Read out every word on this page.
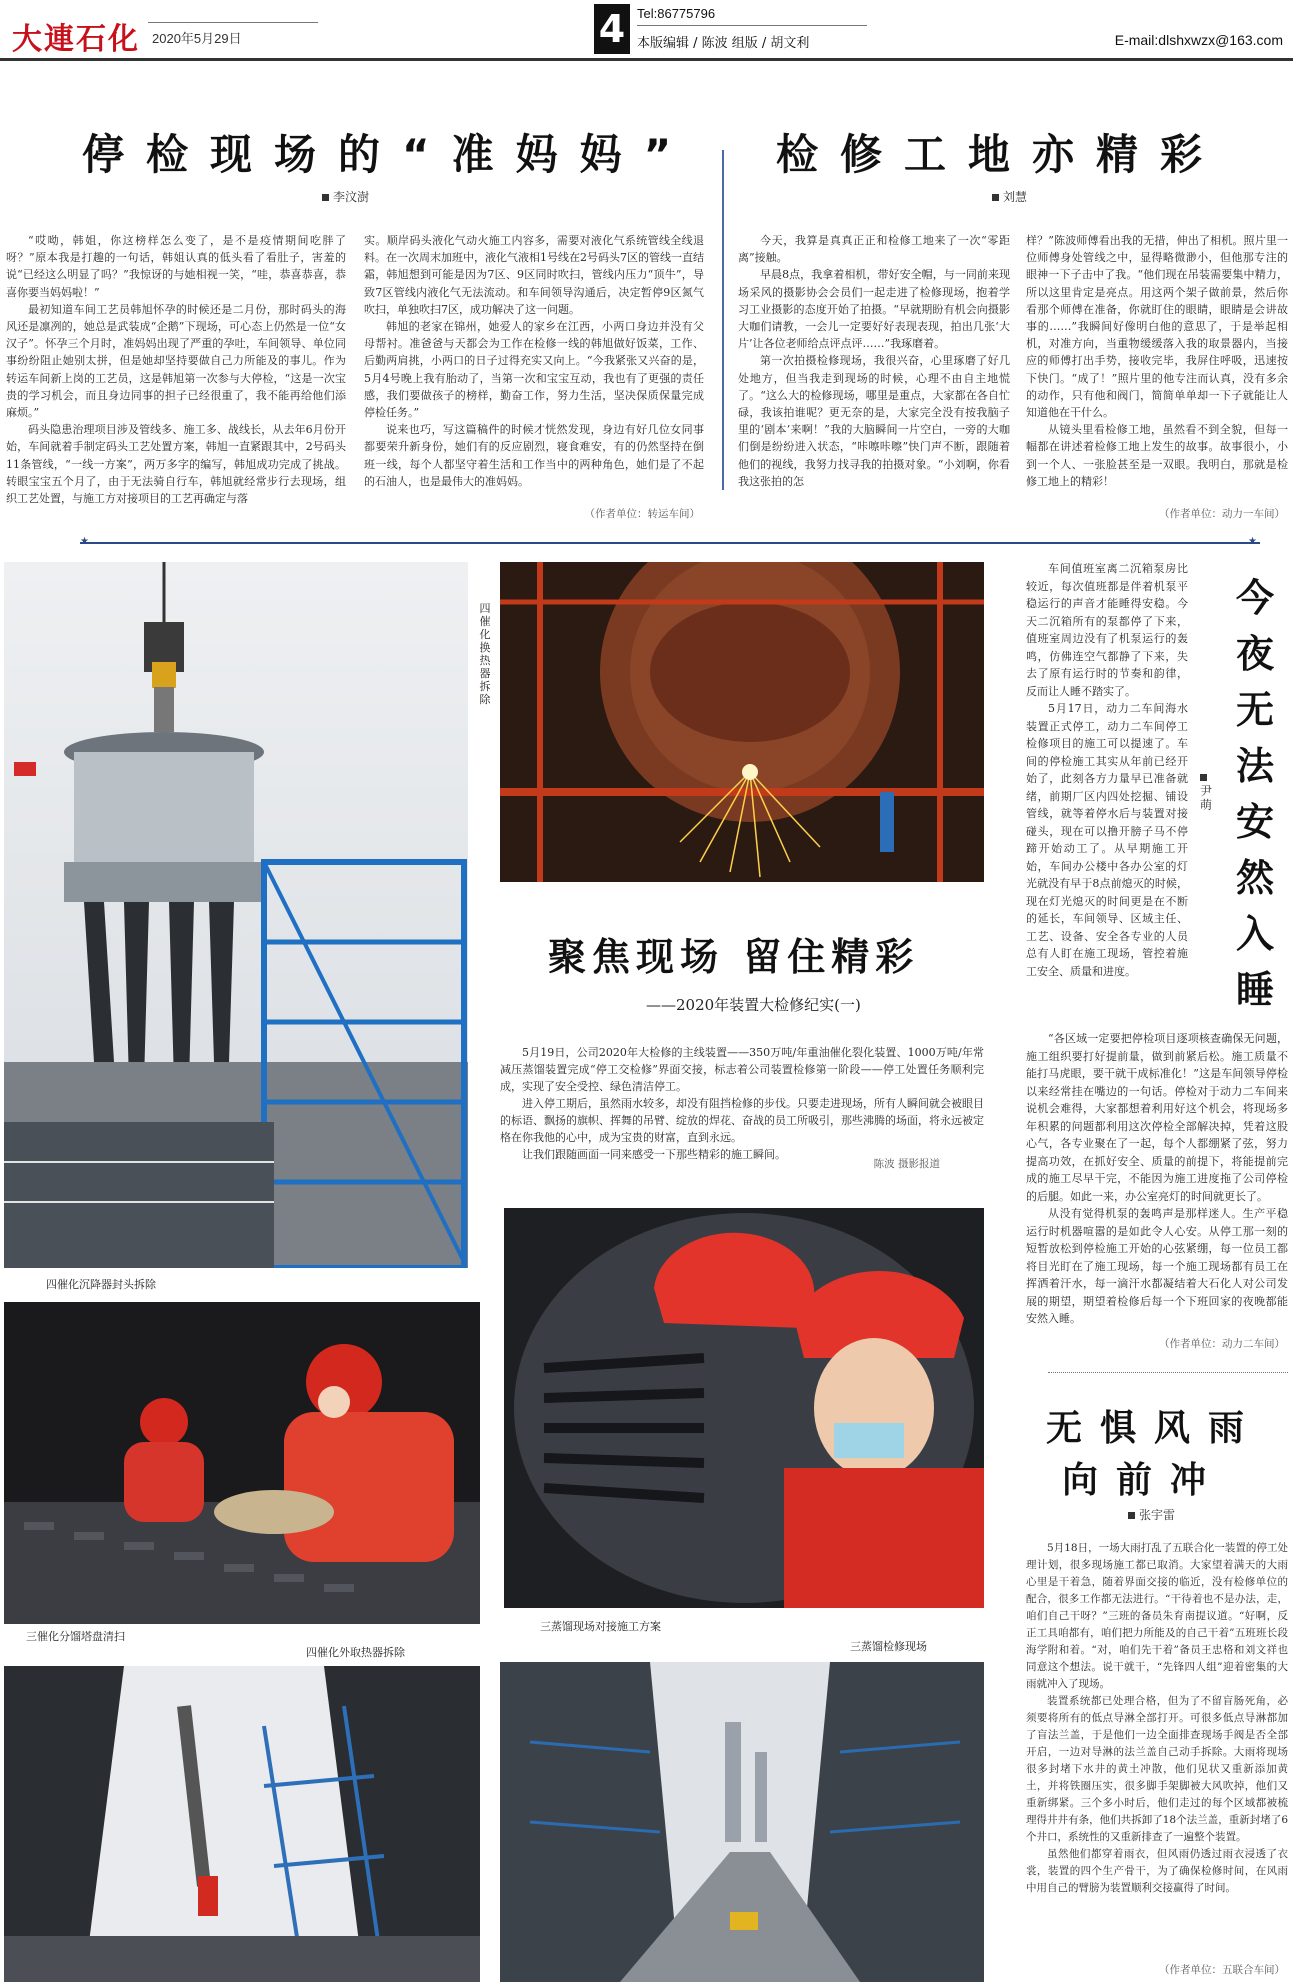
大連石化 2020年5月29日	4 Tel:86775796
本版编辑 / 陈波 组版 / 胡文利	E-mail:dlshxwzx@163.com
停检现场的“准妈妈”
李汶澍

“哎呦，韩姐，你这榜样怎么变了，是不是疫情期间吃胖了呀？”原本我是打趣的一句话，韩姐认真的低头看了看肚子，害羞的说“已经这么明显了吗？”我惊讶的与她相视一笑，“哇，恭喜恭喜，恭喜你要当妈妈啦！”

最初知道车间工艺员韩旭怀孕的时候还是二月份，那时码头的海风还是凛冽的，她总是武装成“企鹅”下现场，可心态上仍然是一位“女汉子”。怀孕三个月时，准妈妈出现了严重的孕吐，车间领导、单位同事纷纷阻止她别太拼，但是她却坚持要做自己力所能及的事儿。作为转运车间新上岗的工艺员，这是韩旭第一次参与大停检，“这是一次宝贵的学习机会，而且身边同事的担子已经很重了，我不能再给他们添麻烦。”

码头隐患治理项目涉及管线多、施工多、战线长，从去年6月份开始，车间就着手制定码头工艺处置方案，韩旭一直紧跟其中，2号码头11条管线，“一线一方案”，两万多字的编写，韩旭成功完成了挑战。转眼宝宝五个月了，由于无法骑自行车，韩旭就经常步行去现场，组织工艺处置，与施工方对接项目的工艺再确定与落

实。顺岸码头液化气动火施工内容多，需要对液化气系统管线全线退料。在一次周末加班中，液化气液相1号线在2号码头7区的管线一直结霜，韩旭想到可能是因为7区、9区同时吹扫，管线内压力“顶牛”，导致7区管线内液化气无法流动。和车间领导沟通后，决定暂停9区氮气吹扫，单独吹扫7区，成功解决了这一问题。

韩旭的老家在锦州，她爱人的家乡在江西，小两口身边并没有父母帮衬。准爸爸与天都会为工作在检修一线的韩旭做好饭菜，工作、后勤两肩挑，小两口的日子过得充实又向上。“今我紧张又兴奋的是，5月4号晚上我有胎动了，当第一次和宝宝互动，我也有了更强的责任感，我们要做孩子的榜样，勤奋工作，努力生活，坚决保质保量完成停检任务。”

说来也巧，写这篇稿件的时候才恍然发现，身边有好几位女同事都要荣升新身份，她们有的反应剧烈，寝食难安，有的仍然坚持在倒班一线，每个人都坚守着生活和工作当中的两种角色，她们是了不起的石油人，也是最伟大的准妈妈。

（作者单位：转运车间）
检修工地亦精彩
刘慧

今天，我算是真真正正和检修工地来了一次“零距离”接触。

早晨8点，我拿着相机，带好安全帽，与一同前来现场采风的摄影协会会员们一起走进了检修现场，抱着学习工业摄影的态度开始了拍摄。“早就期盼有机会向摄影大咖们请教，一会儿一定要好好表现表现，拍出几张‘大片’让各位老师给点评点评……”我琢磨着。

第一次拍摄检修现场，我很兴奋，心里琢磨了好几处地方，但当我走到现场的时候，心理不由自主地慌了。“这么大的检修现场，哪里是重点，大家都在各自忙碌，我该拍谁呢？更无奈的是，大家完全没有按我脑子里的‘剧本’来啊！”我的大脑瞬间一片空白，一旁的大咖们倒是纷纷进入状态，“咔嚓咔嚓”快门声不断，跟随着他们的视线，我努力找寻我的拍摄对象。“小刘啊，你看我这张拍的怎

样？”陈波师傅看出我的无措，伸出了相机。照片里一位师傅身处管线之中，显得略微渺小，但他那专注的眼神一下子击中了我。“他们现在吊装需要集中精力，所以这里肯定是亮点。用这两个架子做前景，然后你看那个师傅在准备，你就盯住的眼睛，眼睛是会讲故事的……”我瞬间好像明白他的意思了，于是举起相机，对准方向，当重物缓缓落入我的取景器内，当接应的师傅打出手势，接收完毕，我屏住呼吸，迅速按下快门。“成了！”照片里的他专注而认真，没有多余的动作，只有他和阀门，简简单单却一下子就能让人知道他在干什么。

从镜头里看检修工地，虽然看不到全貌，但每一幅都在讲述着检修工地上发生的故事。故事很小，小到一个人、一张脸甚至是一双眼。我明白，那就是检修工地上的精彩！

（作者单位：动力一车间）
★	★
四催化沉降器封头拆除
四催化换热器拆除
聚焦现场 留住精彩
——2020年装置大检修纪实(一)

5月19日，公司2020年大检修的主线装置——350万吨/年重油催化裂化装置、1000万吨/年常减压蒸馏装置完成“停工交检修”界面交接，标志着公司装置检修第一阶段——停工处置任务顺利完成，实现了安全受控、绿色清洁停工。

进入停工期后，虽然雨水较多，却没有阻挡检修的步伐。只要走进现场，所有人瞬间就会被眼目的标语、飘扬的旗帜、挥舞的吊臂、绽放的焊花、奋战的员工所吸引，那些沸腾的场面，将永远被定格在你我他的心中，成为宝贵的财富，直到永远。

让我们跟随画面一同来感受一下那些精彩的施工瞬间。

陈波 摄影报道
三催化分馏塔盘清扫
四催化外取热器拆除
三蒸馏现场对接施工方案
三蒸馏检修现场

车间值班室离二沉箱泵房比较近，每次值班都是伴着机泵平稳运行的声音才能睡得安稳。今天二沉箱所有的泵都停了下来，值班室周边没有了机泵运行的轰鸣，仿佛连空气都静了下来，失去了原有运行时的节奏和韵律，反而让人睡不踏实了。

5月17日，动力二车间海水装置正式停工，动力二车间停工检修项目的施工可以提速了。车间的停检施工其实从年前已经开始了，此刻各方力量早已准备就绪，前期厂区内四处挖掘、铺设管线，就等着停水后与装置对接碰头，现在可以撸开膀子马不停蹄开始动工了。从早期施工开始，车间办公楼中各办公室的灯光就没有早于8点前熄灭的时候，现在灯光熄灭的时间更是在不断的延长，车间领导、区域主任、工艺、设备、安全各专业的人员总有人盯在施工现场，管控着施工安全、质量和进度。

今夜无法安然入睡
尹萌

“各区域一定要把停检项目逐项核查确保无问题，施工组织要打好提前量，做到前紧后松。施工质量不能打马虎眼，要干就干成标准化！”这是车间领导停检以来经常挂在嘴边的一句话。停检对于动力二车间来说机会难得，大家都想着利用好这个机会，将现场多年积累的问题都利用这次停检全部解决掉，凭着这股心气，各专业聚在了一起，每个人都绷紧了弦，努力提高功效，在抓好安全、质量的前提下，将能提前完成的施工尽早干完，不能因为施工进度拖了公司停检的后腿。如此一来，办公室亮灯的时间就更长了。

从没有觉得机泵的轰鸣声是那样迷人。生产平稳运行时机器喧嚣的是如此令人心安。从停工那一刻的短暂放松到停检施工开始的心弦紧绷，每一位员工都将目光盯在了施工现场，每一个施工现场都有员工在挥洒着汗水，每一滴汗水都凝结着大石化人对公司发展的期望，期望着检修后每一个下班回家的夜晚都能安然入睡。

（作者单位：动力二车间）
无惧风雨
向前冲
张宇雷

5月18日，一场大雨打乱了五联合化一装置的停工处理计划，很多现场施工都已取消。大家望着满天的大雨心里是干着急，随着界面交接的临近，没有检修单位的配合，很多工作都无法进行。“干待着也不是办法，走，咱们自己干呀？”三班的备员朱育南提议道。“好啊，反正工具咱都有，咱们把力所能及的自己干着”五班班长段海学附和着。“对，咱们先干着”备员王忠格和刘文祥也同意这个想法。说干就干，“先锋四人组”迎着密集的大雨就冲入了现场。

装置系统都已处理合格，但为了不留盲肠死角，必须要将所有的低点导淋全部打开。可很多低点导淋都加了盲法兰盖，于是他们一边全面排查现场手阀是否全部开启，一边对导淋的法兰盖自己动手拆除。大雨将现场很多封堵下水井的黄土冲散，他们见状又重新添加黄土，并将铁圈压实，很多脚手架脚被大风吹掉，他们又重新绑紧。三个多小时后，他们走过的每个区域都被梳理得井井有条，他们共拆卸了18个法兰盖，重新封堵了6个井口，系统性的又重新排查了一遍整个装置。

虽然他们都穿着雨衣，但风雨仍透过雨衣浸透了衣裳，装置的四个生产骨干，为了确保检修时间，在风雨中用自己的臂膀为装置顺利交接赢得了时间。

（作者单位：五联合车间）
